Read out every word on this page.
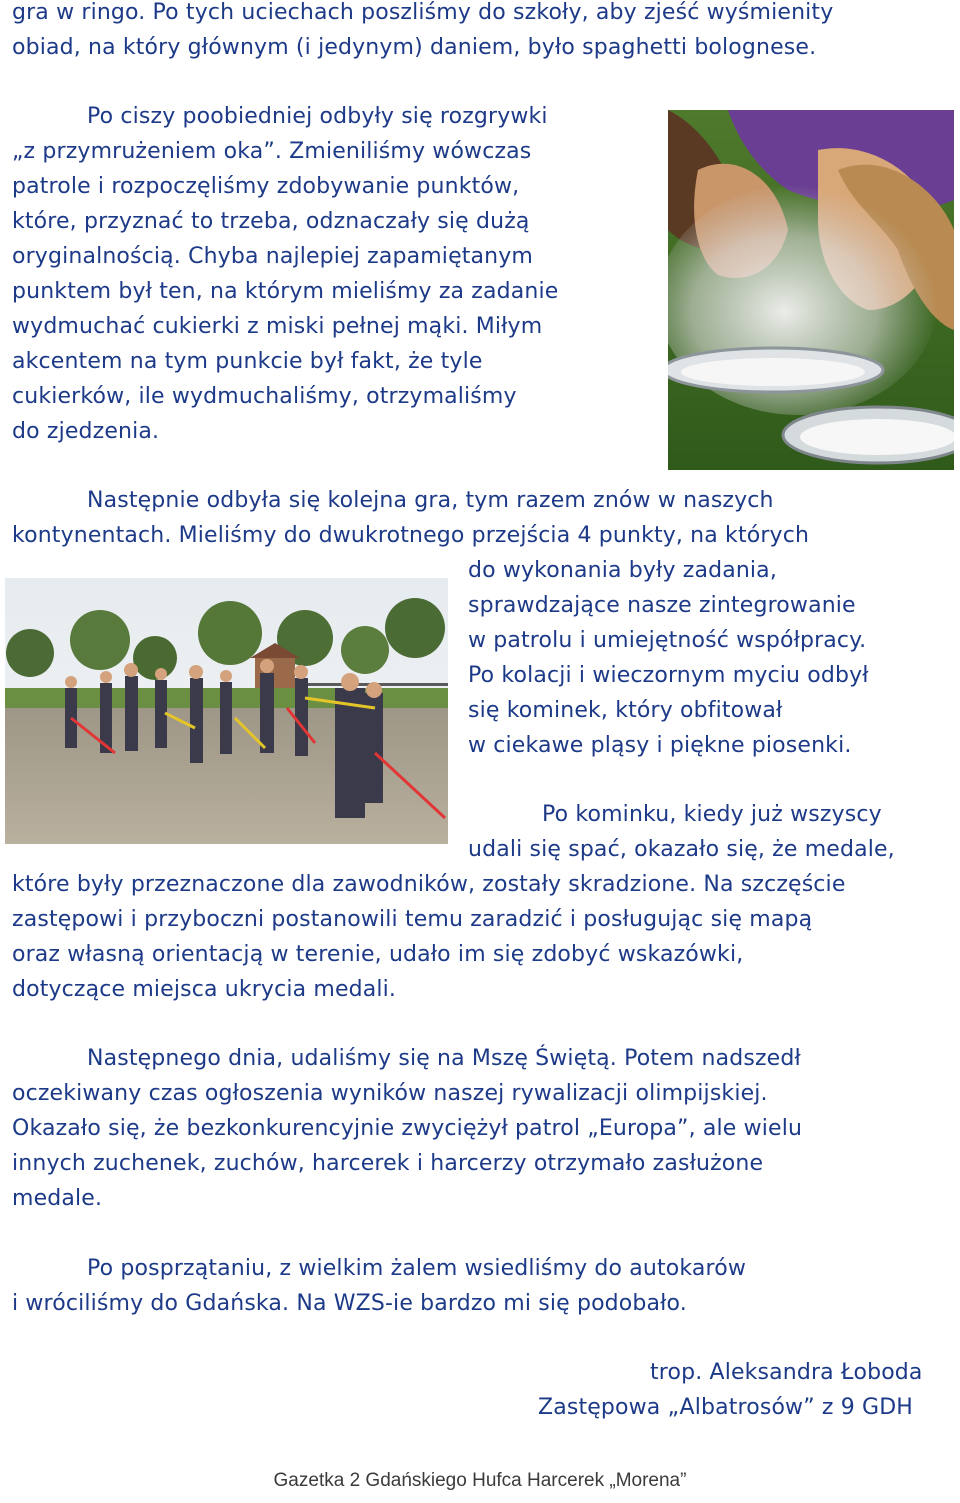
gra w ringo. Po tych uciechach poszliśmy do szkoły, aby zjeść wyśmienity
obiad, na który głównym (i jedynym) daniem, było spaghetti bolognese.
Po ciszy poobiedniej odbyły się rozgrywki
„z przymrużeniem oka”. Zmieniliśmy wówczas
patrole i rozpoczęliśmy zdobywanie punktów,
które, przyznać to trzeba, odznaczały się dużą
oryginalnością. Chyba najlepiej zapamiętanym
punktem był ten, na którym mieliśmy za zadanie
wydmuchać cukierki z miski pełnej mąki. Miłym
akcentem na tym punkcie był fakt, że tyle
cukierków, ile wydmuchaliśmy, otrzymaliśmy
do zjedzenia.
Następnie odbyła się kolejna gra, tym razem znów w naszych
kontynentach. Mieliśmy do dwukrotnego przejścia 4 punkty, na których
do wykonania były zadania,
sprawdzające nasze zintegrowanie
w patrolu i umiejętność współpracy.
Po kolacji i wieczornym myciu odbył
się kominek, który obfitował
w ciekawe pląsy i piękne piosenki.
Po kominku, kiedy już wszyscy
udali się spać, okazało się, że medale,
które były przeznaczone dla zawodników, zostały skradzione. Na szczęście
zastępowi i przyboczni postanowili temu zaradzić i posługując się mapą
oraz własną orientacją w terenie, udało im się zdobyć wskazówki,
dotyczące miejsca ukrycia medali.
Następnego dnia, udaliśmy się na Mszę Świętą. Potem nadszedł
oczekiwany czas ogłoszenia wyników naszej rywalizacji olimpijskiej.
Okazało się, że bezkonkurencyjnie zwyciężył patrol „Europa”, ale wielu
innych zuchenek, zuchów, harcerek i harcerzy otrzymało zasłużone
medale.
Po posprzątaniu, z wielkim żalem wsiedliśmy do autokarów
i wróciliśmy do Gdańska. Na WZS-ie bardzo mi się podobało.
trop. Aleksandra Łoboda
Zastępowa „Albatrosów” z 9 GDH
Gazetka 2 Gdańskiego Hufca Harcerek „Morena”
